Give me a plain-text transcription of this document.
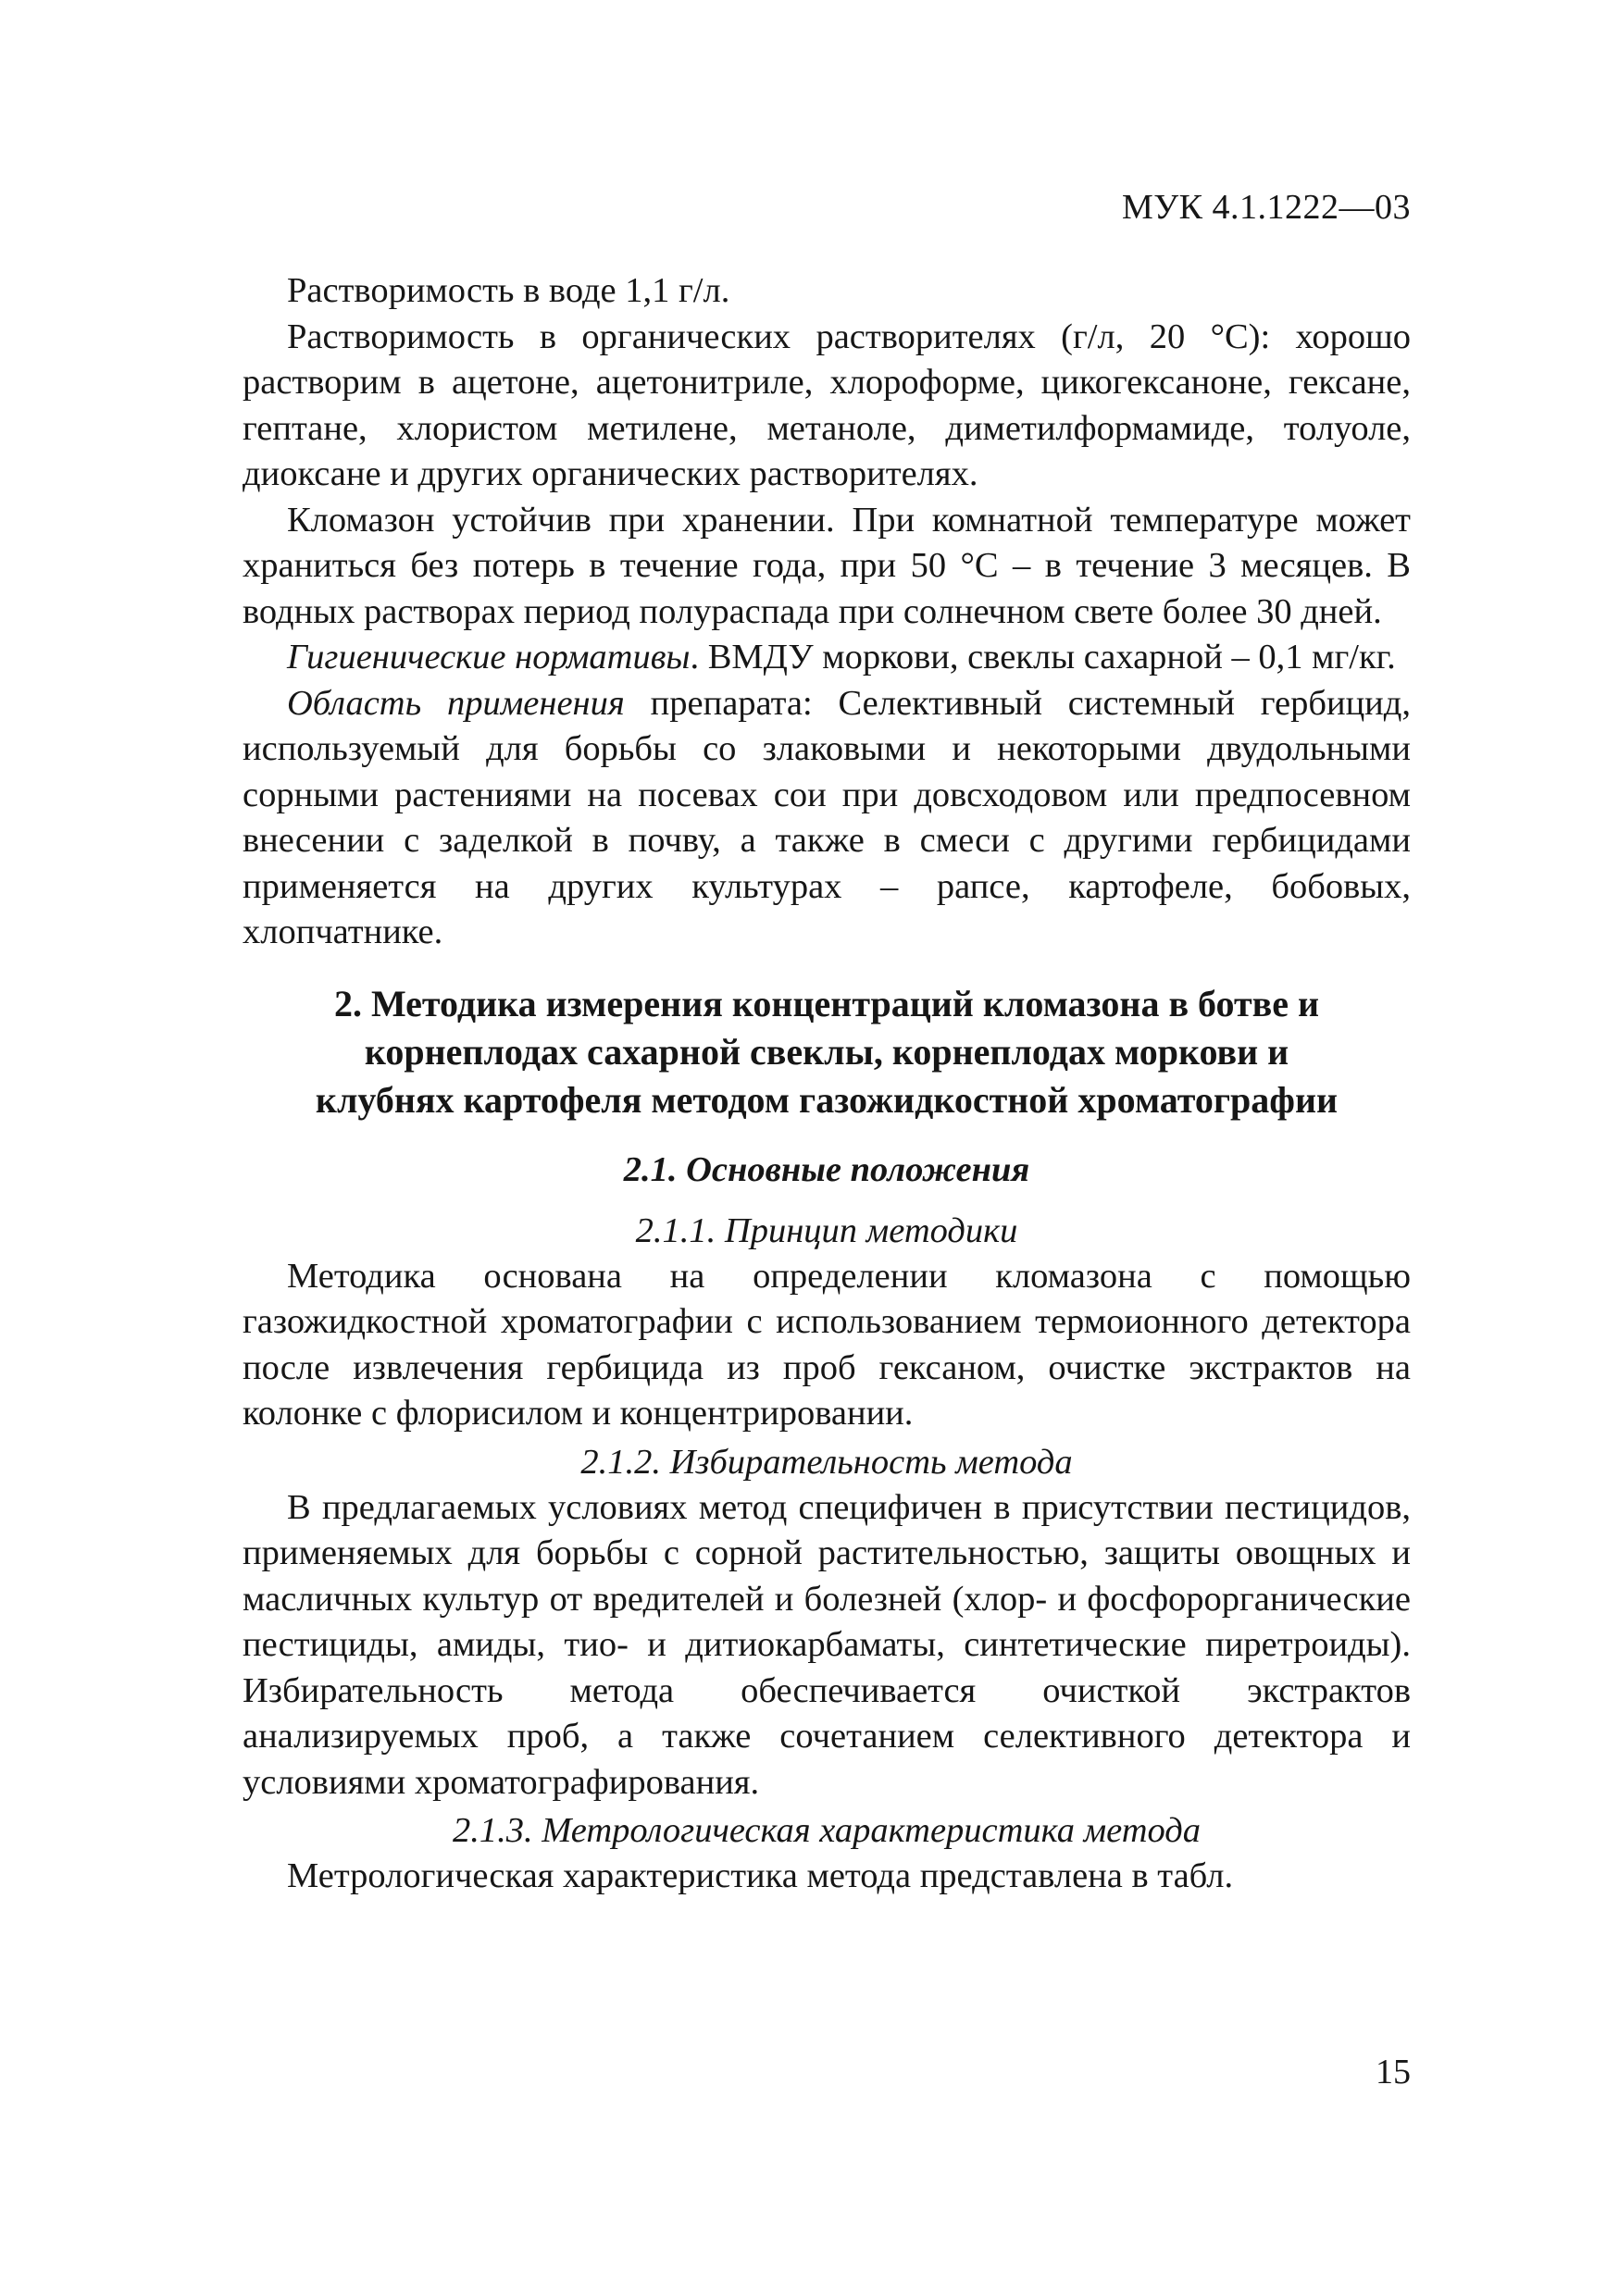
МУК 4.1.1222—03

Растворимость в воде 1,1 г/л.

Растворимость в органических растворителях (г/л, 20 °С): хорошо растворим в ацетоне, ацетонитриле, хлороформе, цикогексаноне, гексане, гептане, хлористом метилене, метаноле, диметилформамиде, толуоле, диоксане и других органических растворителях.

Кломазон устойчив при хранении. При комнатной температуре может храниться без потерь в течение года, при 50 °С – в течение 3 месяцев. В водных растворах период полураспада при солнечном свете более 30 дней.

Гигиенические нормативы. ВМДУ моркови, свеклы сахарной – 0,1 мг/кг.

Область применения препарата: Селективный системный гербицид, используемый для борьбы со злаковыми и некоторыми двудольными сорными растениями на посевах сои при довсходовом или предпосевном внесении с заделкой в почву, а также в смеси с другими гербицидами применяется на других культурах – рапсе, картофеле, бобовых, хлопчатнике.

2. Методика измерения концентраций кломазона в ботве и
корнеплодах сахарной свеклы, корнеплодах моркови и
клубнях картофеля методом газожидкостной хроматографии
2.1. Основные положения
2.1.1. Принцип методики

Методика основана на определении кломазона с помощью газожидкостной хроматографии с использованием термоионного детектора после извлечения гербицида из проб гексаном, очистке экстрактов на колонке с флорисилом и концентрировании.

2.1.2. Избирательность метода

В предлагаемых условиях метод специфичен в присутствии пестицидов, применяемых для борьбы с сорной растительностью, защиты овощных и масличных культур от вредителей и болезней (хлор- и фосфорорганические пестициды, амиды, тио- и дитиокарбаматы, синтетические пиретроиды). Избирательность метода обеспечивается очисткой экстрактов анализируемых проб, а также сочетанием селективного детектора и условиями хроматографирования.

2.1.3. Метрологическая характеристика метода

Метрологическая характеристика метода представлена в табл.

15
